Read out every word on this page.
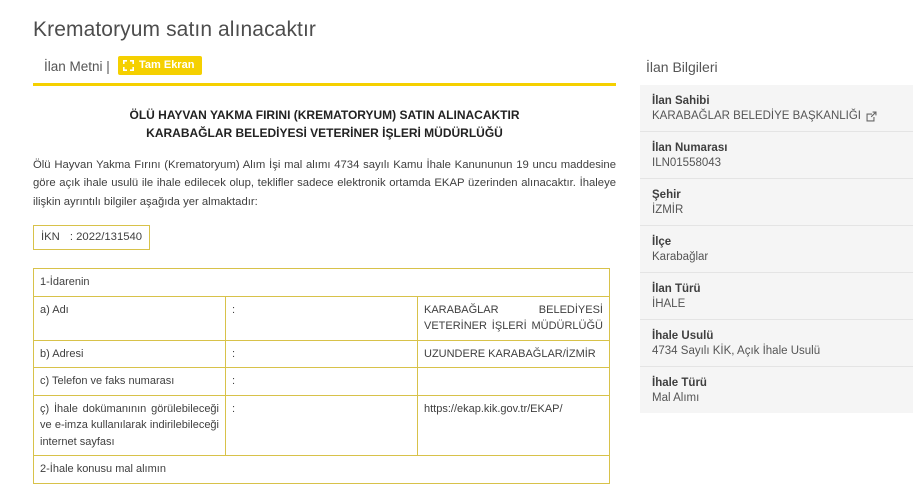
Krematoryum satın alınacaktır
İlan Metni |	Tam Ekran
ÖLÜ HAYVAN YAKMA FIRINI (KREMATORYUM) SATIN ALINACAKTIR
KARABAĞLAR BELEDİYESİ VETERİNER İŞLERİ MÜDÜRLÜĞÜ

Ölü Hayvan Yakma Fırını (Krematoryum) Alım İşi mal alımı 4734 sayılı Kamu İhale Kanununun 19 uncu maddesine göre açık ihale usulü ile ihale edilecek olup, teklifler sadece elektronik ortamda EKAP üzerinden alınacaktır. İhaleye ilişkin ayrıntılı bilgiler aşağıda yer almaktadır:

İKN : 2022/131540
1-İdarenin		
a) Adı	:	KARABAĞLAR BELEDİYESİ VETERİNER İŞLERİ MÜDÜRLÜĞÜ
b) Adresi	:	UZUNDERE KARABAĞLAR/İZMİR
c) Telefon ve faks numarası	:	
ç) İhale dokümanının görülebileceği ve e-imza kullanılarak indirilebileceği internet sayfası	:	https://ekap.kik.gov.tr/EKAP/
2-İhale konusu mal alımın		
İlan Bilgileri
İlan Sahibi
KARABAĞLAR BELEDİYE BAŞKANLIĞI
İlan Numarası
ILN01558043
Şehir
İZMİR
İlçe
Karabağlar
İlan Türü
İHALE
İhale Usulü
4734 Sayılı KİK, Açık İhale Usulü
İhale Türü
Mal Alımı
